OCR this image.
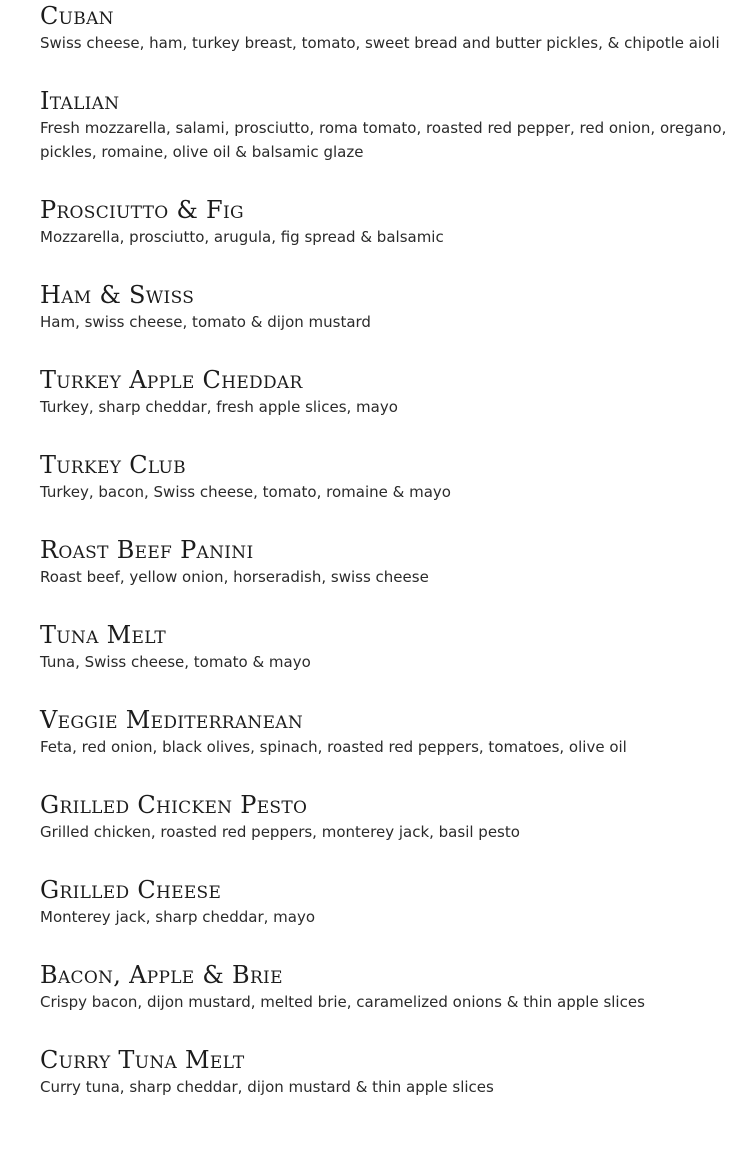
Cuban
Swiss cheese, ham, turkey breast, tomato, sweet bread and butter pickles, & chipotle aioli
Italian
Fresh mozzarella, salami, prosciutto, roma tomato, roasted red pepper, red onion, oregano, pickles, romaine, olive oil & balsamic glaze
Prosciutto & Fig
Mozzarella, prosciutto, arugula, fig spread & balsamic
Ham & Swiss
Ham, swiss cheese, tomato & dijon mustard
Turkey Apple Cheddar
Turkey, sharp cheddar, fresh apple slices, mayo
Turkey Club
Turkey, bacon, Swiss cheese, tomato, romaine & mayo
Roast Beef Panini
Roast beef, yellow onion, horseradish, swiss cheese
Tuna Melt
Tuna, Swiss cheese, tomato & mayo
Veggie Mediterranean
Feta, red onion, black olives, spinach, roasted red peppers, tomatoes, olive oil
Grilled Chicken Pesto
Grilled chicken, roasted red peppers, monterey jack, basil pesto
Grilled Cheese
Monterey jack, sharp cheddar, mayo
Bacon, Apple & Brie
Crispy bacon, dijon mustard, melted brie, caramelized onions & thin apple slices
Curry Tuna Melt
Curry tuna, sharp cheddar, dijon mustard & thin apple slices
